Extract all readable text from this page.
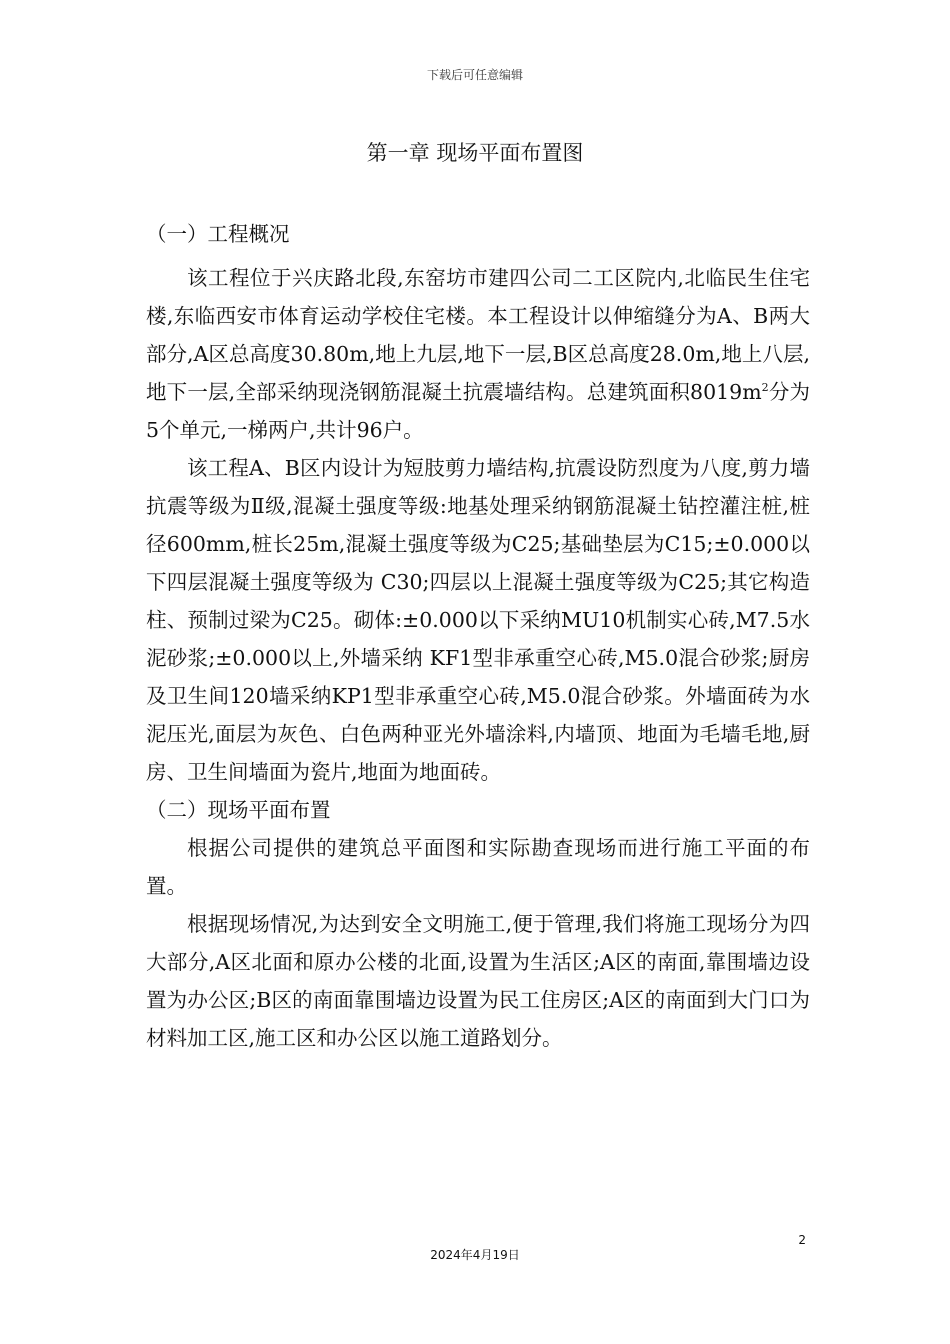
下载后可任意编辑
第一章 现场平面布置图

（一）工程概况

该工程位于兴庆路北段,东窑坊市建四公司二工区院内,北临民生住宅楼,东临西安市体育运动学校住宅楼。本工程设计以伸缩缝分为A、B两大部分,A区总高度30.80m,地上九层,地下一层,B区总高度28.0m,地上八层,地下一层,全部采纳现浇钢筋混凝土抗震墙结构。总建筑面积$8019m^2$分为5个单元,一梯两户,共计96户。

该工程A、B区内设计为短肢剪力墙结构,抗震设防烈度为八度,剪力墙抗震等级为Ⅱ级,混凝土强度等级:地基处理采纳钢筋混凝土钻控灌注桩,桩径600mm,桩长25m,混凝土强度等级为C25;基础垫层为C15;±0.000以下四层混凝土强度等级为 C30;四层以上混凝土强度等级为C25;其它构造柱、预制过梁为C25。砌体:±0.000以下采纳MU10机制实心砖,M7.5水泥砂浆;±0.000以上,外墙采纳 KF1型非承重空心砖,M5.0混合砂浆;厨房及卫生间120墙采纳KP1型非承重空心砖,M5.0混合砂浆。外墙面砖为水泥压光,面层为灰色、白色两种亚光外墙涂料,内墙顶、地面为毛墙毛地,厨房、卫生间墙面为瓷片,地面为地面砖。

（二）现场平面布置

根据公司提供的建筑总平面图和实际勘查现场而进行施工平面的布置。

根据现场情况,为达到安全文明施工,便于管理,我们将施工现场分为四大部分,A区北面和原办公楼的北面,设置为生活区;A区的南面,靠围墙边设置为办公区;B区的南面靠围墙边设置为民工住房区;A区的南面到大门口为材料加工区,施工区和办公区以施工道路划分。

2
2024年4月19日
